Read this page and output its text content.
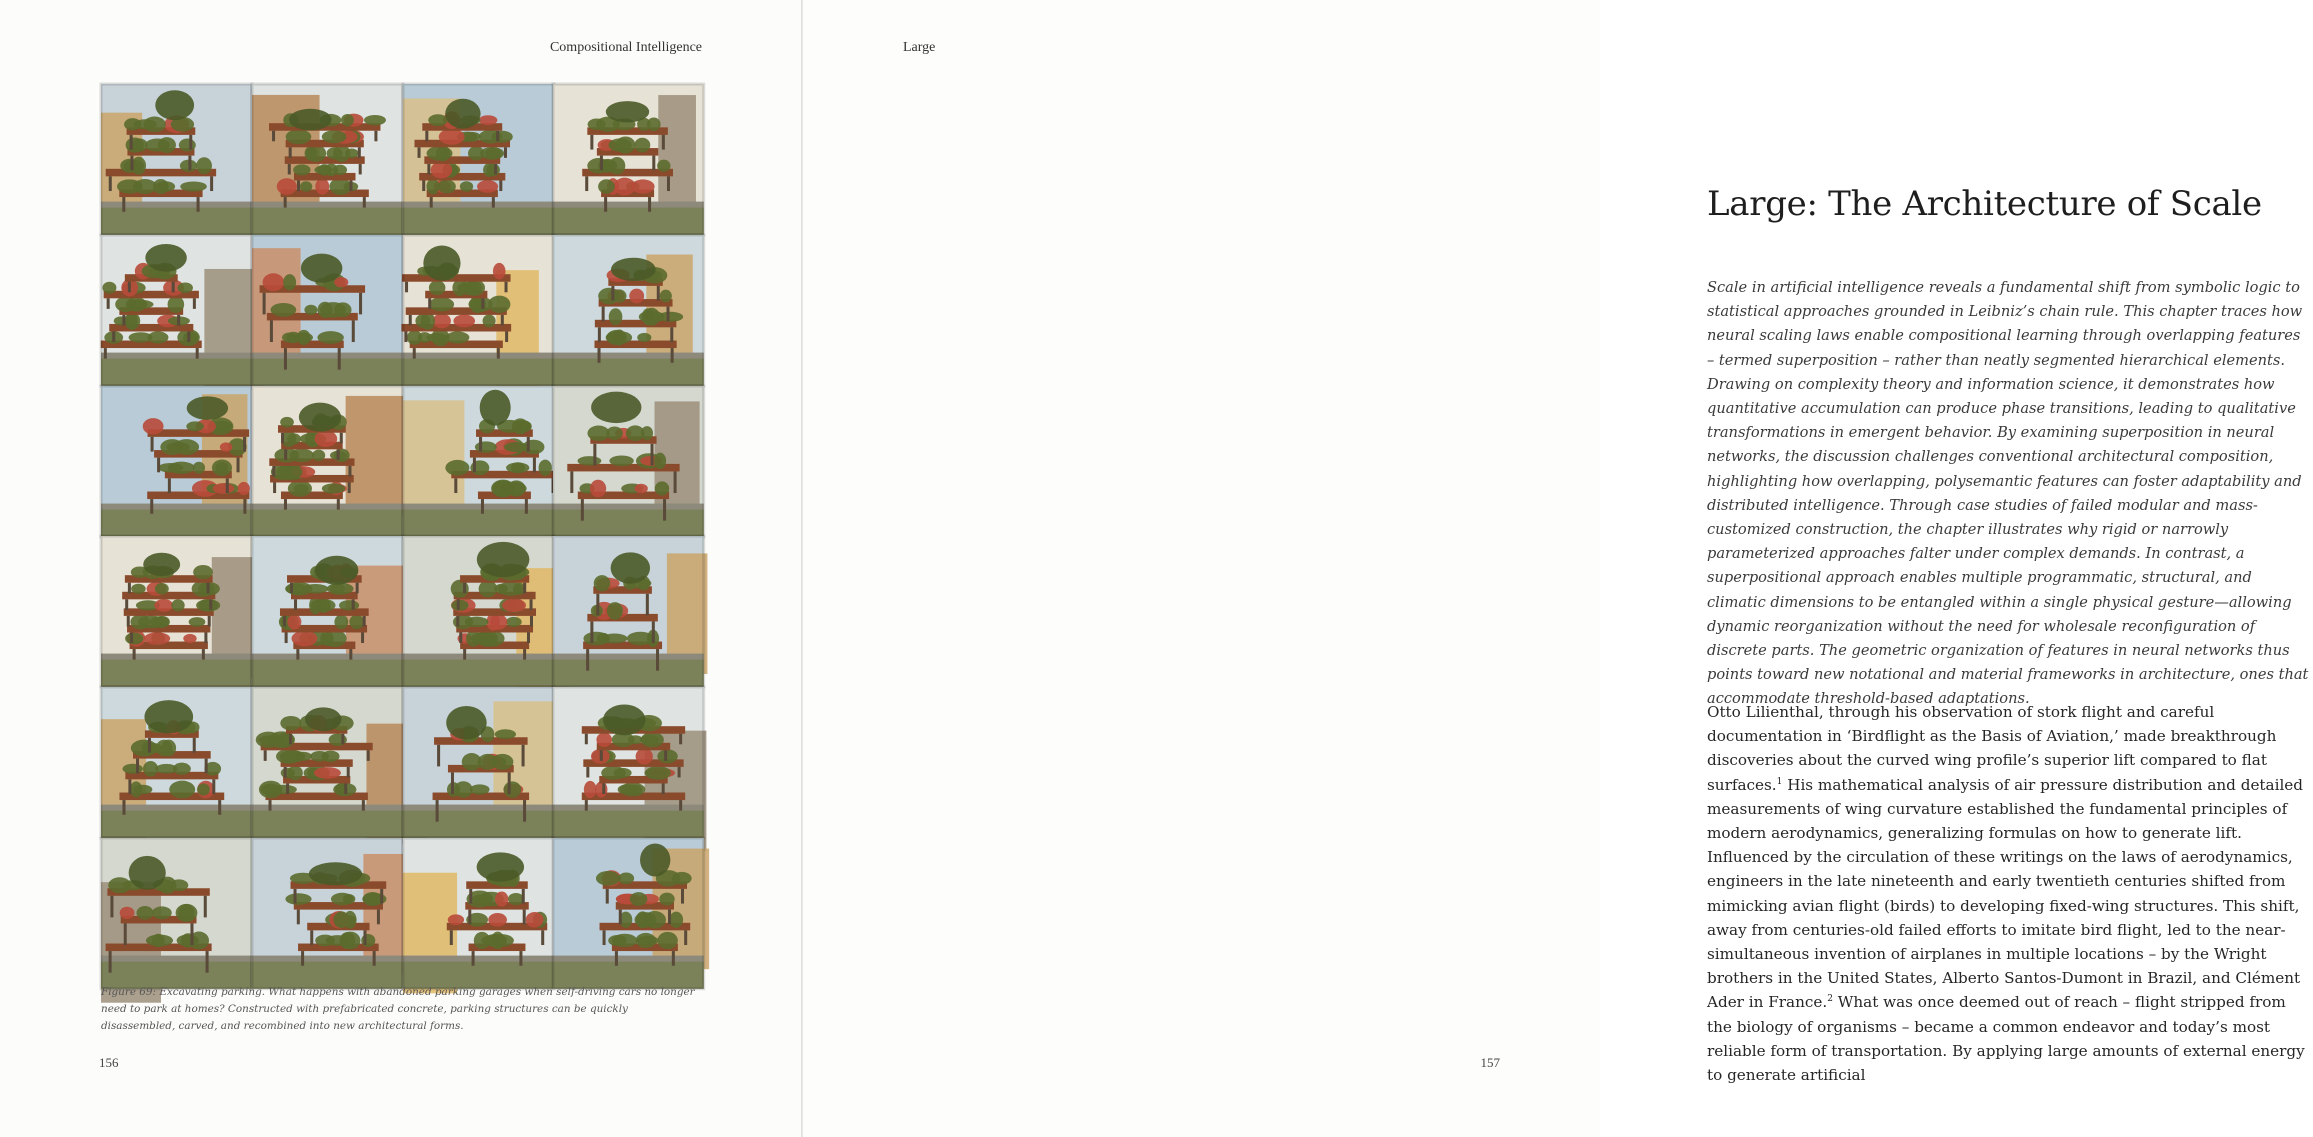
Compositional Intelligence
Figure 69: Excavating parking. What happens with abandoned parking garages when self-driving cars no longer need to park at homes? Constructed with prefabricated concrete, parking structures can be quickly disassembled, carved, and recombined into new architectural forms.
156
Large
Large: The Architecture of Scale
Scale in artificial intelligence reveals a fundamental shift from symbolic logic to statistical approaches grounded in Leibniz’s chain rule. This chapter traces how neural scaling laws enable compositional learning through overlapping features – termed superposition – rather than neatly segmented hierarchical elements. Drawing on complexity theory and information science, it demonstrates how quantitative accumulation can produce phase transitions, leading to qualitative transformations in emergent behavior. By examining superposition in neural networks, the discussion challenges conventional architectural composition, highlighting how overlapping, polysemantic features can foster adaptability and distributed intelligence. Through case studies of failed modular and mass-customized construction, the chapter illustrates why rigid or narrowly parameterized approaches falter under complex demands. In contrast, a superpositional approach enables multiple programmatic, structural, and climatic dimensions to be entangled within a single physical gesture—allowing dynamic reorganization without the need for wholesale reconfiguration of discrete parts. The geometric organization of features in neural networks thus points toward new notational and material frameworks in architecture, ones that accommodate threshold-based adaptations.
Otto Lilienthal, through his observation of stork flight and careful documentation in ‘Birdflight as the Basis of Aviation,’ made breakthrough discoveries about the curved wing profile’s superior lift compared to flat surfaces.$^1$ His mathematical analysis of air pressure distribution and detailed measurements of wing curvature established the fundamental principles of modern aerodynamics, generalizing formulas on how to generate lift. Influenced by the circulation of these writings on the laws of aerodynamics, engineers in the late nineteenth and early twentieth centuries shifted from mimicking avian flight (birds) to developing fixed-wing structures. This shift, away from centuries-old failed efforts to imitate bird flight, led to the near-simultaneous invention of airplanes in multiple locations – by the Wright brothers in the United States, Alberto Santos-Dumont in Brazil, and Clément Ader in France.$^2$ What was once deemed out of reach – flight stripped from the biology of organisms – became a common endeavor and today’s most reliable form of transportation. By applying large amounts of external energy to generate artificial
157
